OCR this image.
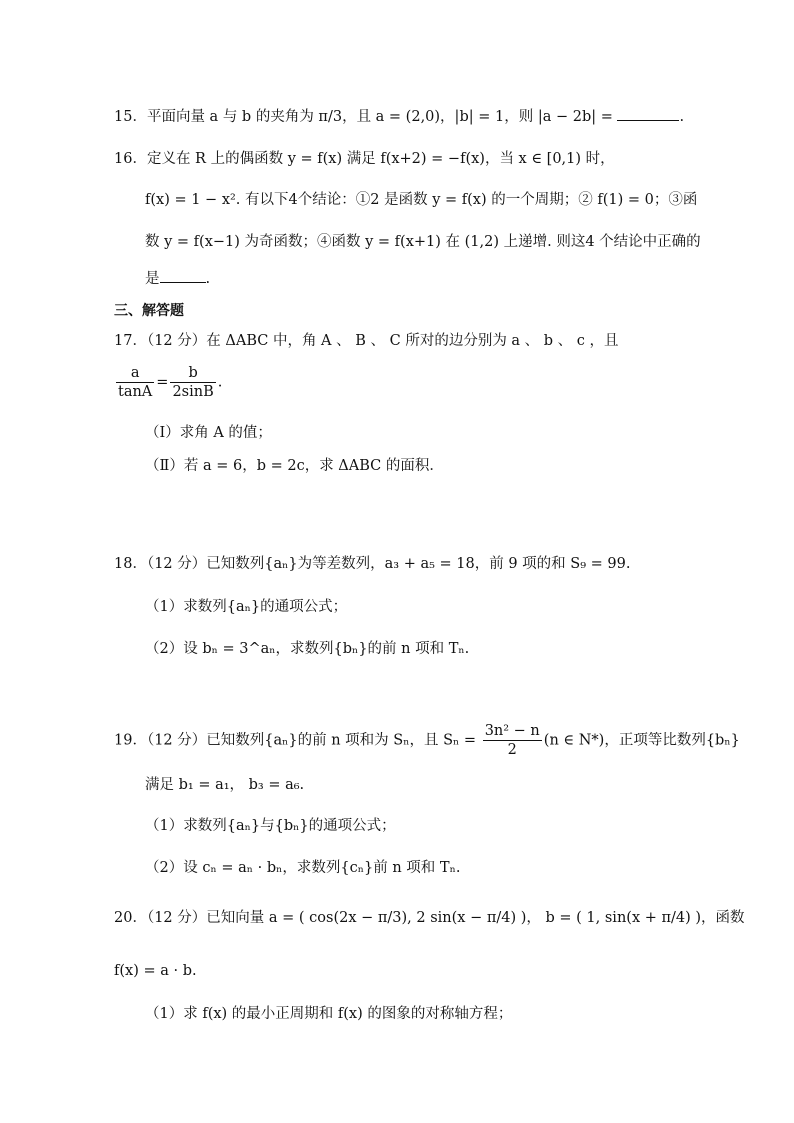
15．平面向量 a 与 b 的夹角为 π/3，且 a = (2,0)，|b| = 1，则 |a − 2b| =	.
16．定义在 R 上的偶函数 y = f(x) 满足 f(x+2) = −f(x)，当 x ∈ [0,1) 时，
f(x) = 1 − x². 有以下4个结论：①2 是函数 y = f(x) 的一个周期；② f(1) = 0；③函
数 y = f(x−1) 为奇函数；④函数 y = f(x+1) 在 (1,2) 上递增. 则这4 个结论中正确的
是	.
三、解答题
17．（12 分）在 ΔABC 中，角 A 、 B 、 C 所对的边分别为 a 、 b 、 c ，且
$\frac{a}{\tan A} = \frac{b}{2\sin B}$ .
（Ⅰ）求角 A 的值；
（Ⅱ）若 a = 6，b = 2c，求 ΔABC 的面积．
18．（12 分）已知数列{aₙ}为等差数列，a₃ + a₅ = 18，前 9 项的和 S₉ = 99.
（1）求数列{aₙ}的通项公式；
（2）设 bₙ = 3^aₙ，求数列{bₙ}的前 n 项和 Tₙ.
19．（12 分）已知数列{aₙ}的前 n 项和为 Sₙ，且 $S_n = \frac{\text{3n² − n}}{2} (n$ ∈ N*)，正项等比数列{bₙ}
满足 b₁ = a₁， b₃ = a₆.
（1）求数列{aₙ}与{bₙ}的通项公式；
（2）设 cₙ = aₙ · bₙ，求数列{cₙ}前 n 项和 Tₙ.
20．（12 分）已知向量 a = ( cos(2x − π/3), 2 sin(x − π/4) )， b = ( 1, sin(x + π/4) )，函数
f(x) = a · b.
（1）求 f(x) 的最小正周期和 f(x) 的图象的对称轴方程；
